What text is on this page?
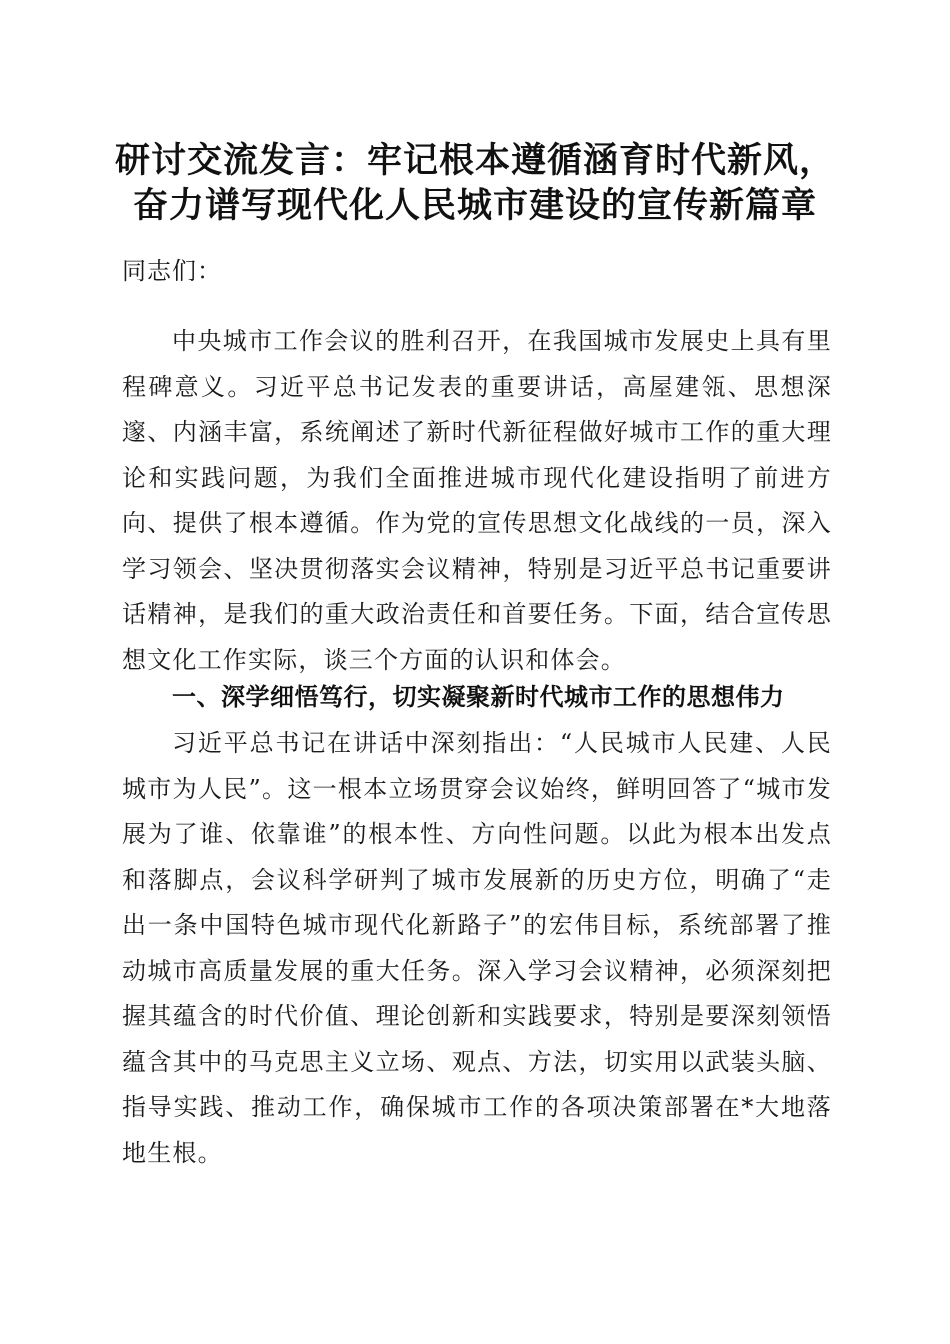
研讨交流发言：牢记根本遵循涵育时代新风，
奋力谱写现代化人民城市建设的宣传新篇章
同志们：
中央城市工作会议的胜利召开，在我国城市发展史上具有里程碑意义。习近平总书记发表的重要讲话，高屋建瓴、思想深邃、内涵丰富，系统阐述了新时代新征程做好城市工作的重大理论和实践问题，为我们全面推进城市现代化建设指明了前进方向、提供了根本遵循。作为党的宣传思想文化战线的一员，深入学习领会、坚决贯彻落实会议精神，特别是习近平总书记重要讲话精神，是我们的重大政治责任和首要任务。下面，结合宣传思想文化工作实际，谈三个方面的认识和体会。
一、深学细悟笃行，切实凝聚新时代城市工作的思想伟力
习近平总书记在讲话中深刻指出：“人民城市人民建、人民城市为人民”。这一根本立场贯穿会议始终，鲜明回答了“城市发展为了谁、依靠谁”的根本性、方向性问题。以此为根本出发点和落脚点，会议科学研判了城市发展新的历史方位，明确了“走出一条中国特色城市现代化新路子”的宏伟目标，系统部署了推动城市高质量发展的重大任务。深入学习会议精神，必须深刻把握其蕴含的时代价值、理论创新和实践要求，特别是要深刻领悟蕴含其中的马克思主义立场、观点、方法，切实用以武装头脑、指导实践、推动工作，确保城市工作的各项决策部署在*大地落地生根。
